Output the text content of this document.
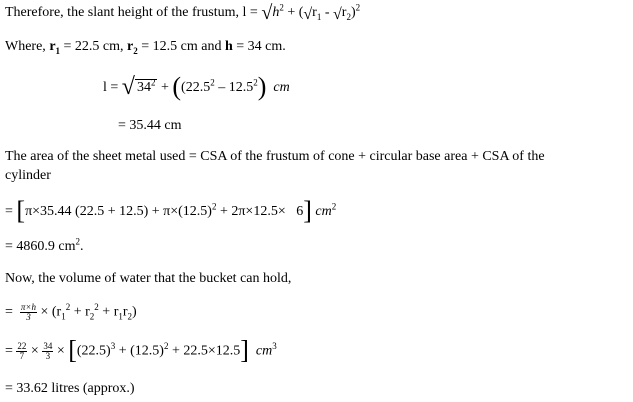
Therefore, the slant height of the frustum, $l = √h^2 + (√r_1 - √r_2)^2$
Where, $r_1 = 22.5$ cm, $r_2 = 12.5$ cm and h = 34 cm.
l = √ $34^2 + ((22.5^2 - 12.5^2)$ cm
= 35.44 cm
The area of the sheet metal used = CSA of the frustum of cone + circular base area + CSA of the
cylinder
= [π×35.44 $(22.5 + 12.5) + \pi\times(12.5)^2 + 2\pi\times 12.5\times 6$] $cm^2$
= 4860.9 $cm^2$.
Now, the volume of water that the bucket can hold,
= $\frac{\pi\times h}{3} \times (r_1^2 + r_2^2 + r_1r_2)$
= $\frac{22}{7} \times \frac{34}{3} \times [(22.5)^3 + (12.5)^2 + 22.5\times 12.5]$ $cm^3$
= 33.62 litres (approx.)
